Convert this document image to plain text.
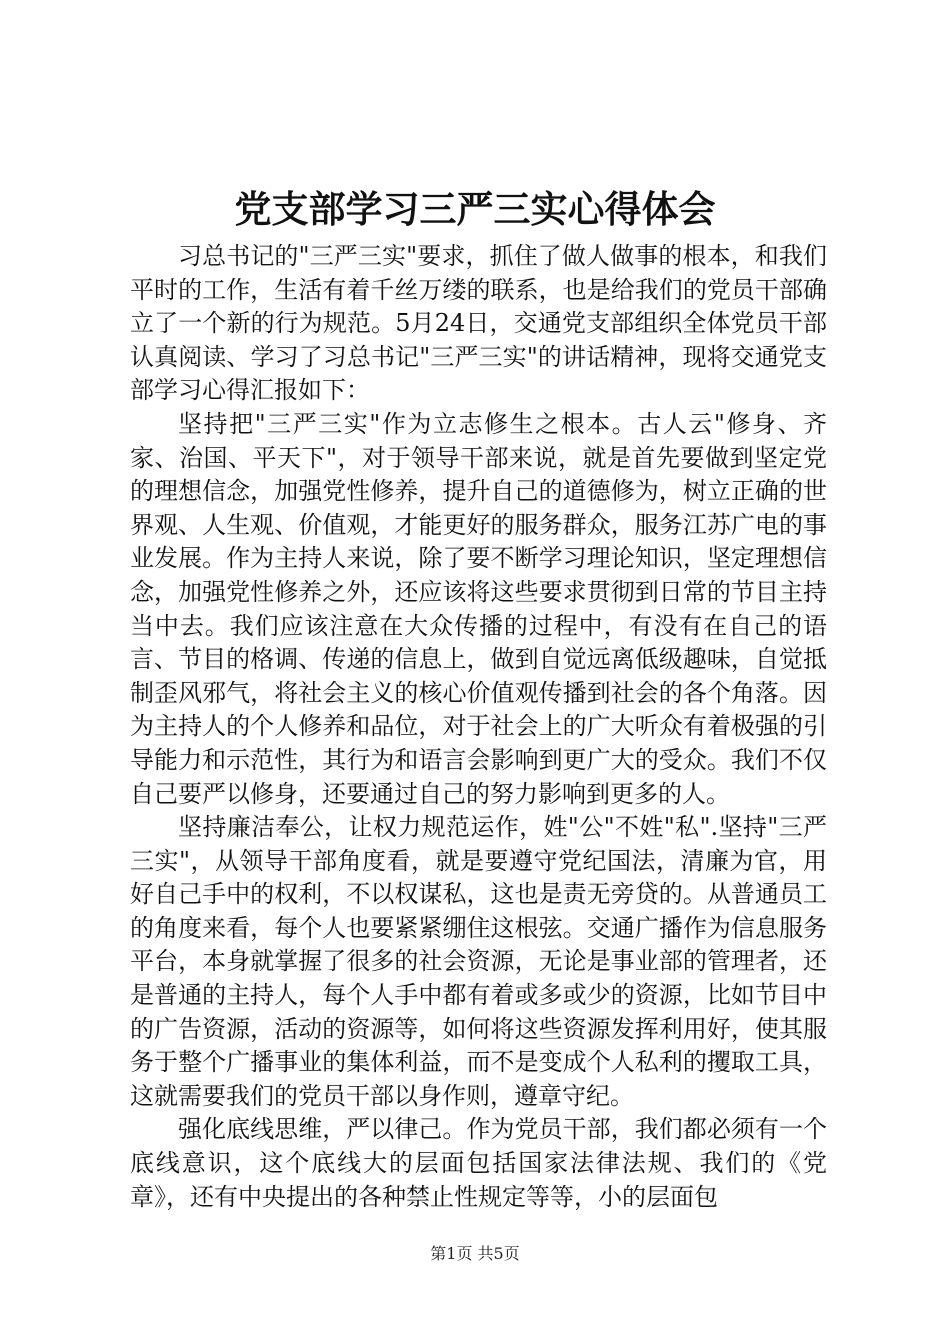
党支部学习三严三实心得体会

习总书记的"三严三实"要求，抓住了做人做事的根本，和我们平时的工作，生活有着千丝万缕的联系，也是给我们的党员干部确立了一个新的行为规范。5月24日，交通党支部组织全体党员干部认真阅读、学习了习总书记"三严三实"的讲话精神，现将交通党支部学习心得汇报如下：

坚持把"三严三实"作为立志修生之根本。古人云"修身、齐家、治国、平天下"，对于领导干部来说，就是首先要做到坚定党的理想信念，加强党性修养，提升自己的道德修为，树立正确的世界观、人生观、价值观，才能更好的服务群众，服务江苏广电的事业发展。作为主持人来说，除了要不断学习理论知识，坚定理想信念，加强党性修养之外，还应该将这些要求贯彻到日常的节目主持当中去。我们应该注意在大众传播的过程中，有没有在自己的语言、节目的格调、传递的信息上，做到自觉远离低级趣味，自觉抵制歪风邪气，将社会主义的核心价值观传播到社会的各个角落。因为主持人的个人修养和品位，对于社会上的广大听众有着极强的引导能力和示范性，其行为和语言会影响到更广大的受众。我们不仅自己要严以修身，还要通过自己的努力影响到更多的人。

坚持廉洁奉公，让权力规范运作，姓"公"不姓"私".坚持"三严三实"，从领导干部角度看，就是要遵守党纪国法，清廉为官，用好自己手中的权利，不以权谋私，这也是责无旁贷的。从普通员工的角度来看，每个人也要紧紧绷住这根弦。交通广播作为信息服务平台，本身就掌握了很多的社会资源，无论是事业部的管理者，还是普通的主持人，每个人手中都有着或多或少的资源，比如节目中的广告资源，活动的资源等，如何将这些资源发挥利用好，使其服务于整个广播事业的集体利益，而不是变成个人私利的攫取工具，这就需要我们的党员干部以身作则，遵章守纪。

强化底线思维，严以律己。作为党员干部，我们都必须有一个底线意识，这个底线大的层面包括国家法律法规、我们的《党章》，还有中央提出的各种禁止性规定等等，小的层面包

第1页 共5页
